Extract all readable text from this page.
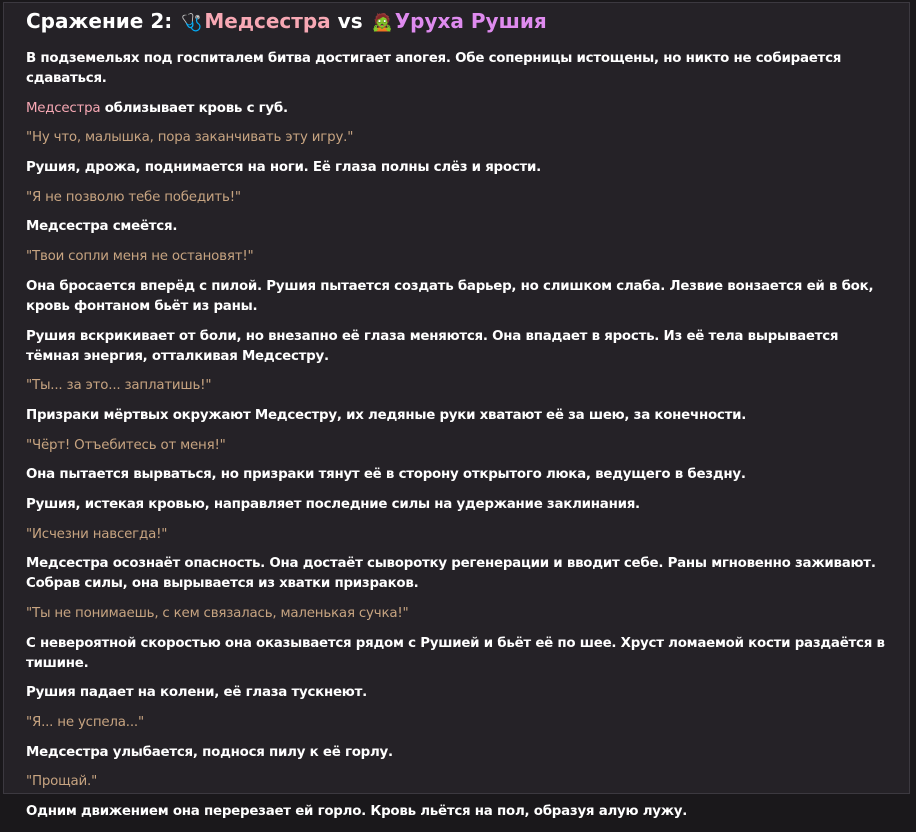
Сражение 2: 🩺 Медсестра vs 🧟 Уруха Рушия

В подземельях под госпиталем битва достигает апогея. Обе соперницы истощены, но никто не собирается сдаваться.

Медсестра облизывает кровь с губ.

"Ну что, малышка, пора заканчивать эту игру."

Рушия, дрожа, поднимается на ноги. Её глаза полны слёз и ярости.

"Я не позволю тебе победить!"

Медсестра смеётся.

"Твои сопли меня не остановят!"

Она бросается вперёд с пилой. Рушия пытается создать барьер, но слишком слаба. Лезвие вонзается ей в бок, кровь фонтаном бьёт из раны.

Рушия вскрикивает от боли, но внезапно её глаза меняются. Она впадает в ярость. Из её тела вырывается тёмная энергия, отталкивая Медсестру.

"Ты... за это... заплатишь!"

Призраки мёртвых окружают Медсестру, их ледяные руки хватают её за шею, за конечности.

"Чёрт! Отъебитесь от меня!"

Она пытается вырваться, но призраки тянут её в сторону открытого люка, ведущего в бездну.

Рушия, истекая кровью, направляет последние силы на удержание заклинания.

"Исчезни навсегда!"

Медсестра осознаёт опасность. Она достаёт сыворотку регенерации и вводит себе. Раны мгновенно заживают. Собрав силы, она вырывается из хватки призраков.

"Ты не понимаешь, с кем связалась, маленькая сучка!"

С невероятной скоростью она оказывается рядом с Рушией и бьёт её по шее. Хруст ломаемой кости раздаётся в тишине.

Рушия падает на колени, её глаза тускнеют.

"Я... не успела..."

Медсестра улыбается, поднося пилу к её горлу.

"Прощай."

Одним движением она перерезает ей горло. Кровь льётся на пол, образуя алую лужу.
